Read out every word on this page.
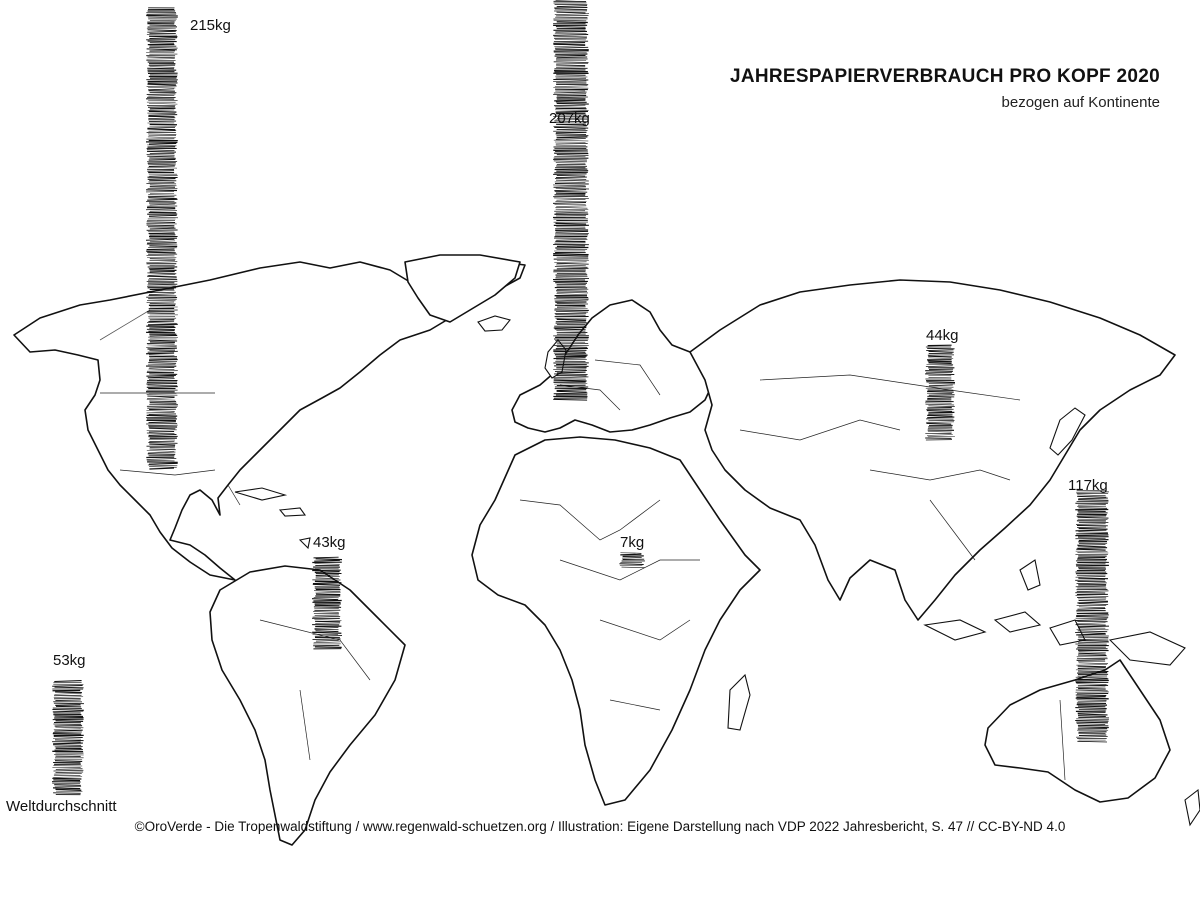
JAHRESPAPIERVERBRAUCH PRO KOPF 2020
bezogen auf Kontinente
215kg
207kg
44kg
117kg
43kg	7kg
53kg
Weltdurchschnitt
©OroVerde - Die Tropenwaldstiftung / www.regenwald-schuetzen.org / Illustration: Eigene Darstellung nach VDP 2022 Jahresbericht, S. 47 // CC-BY-ND 4.0
